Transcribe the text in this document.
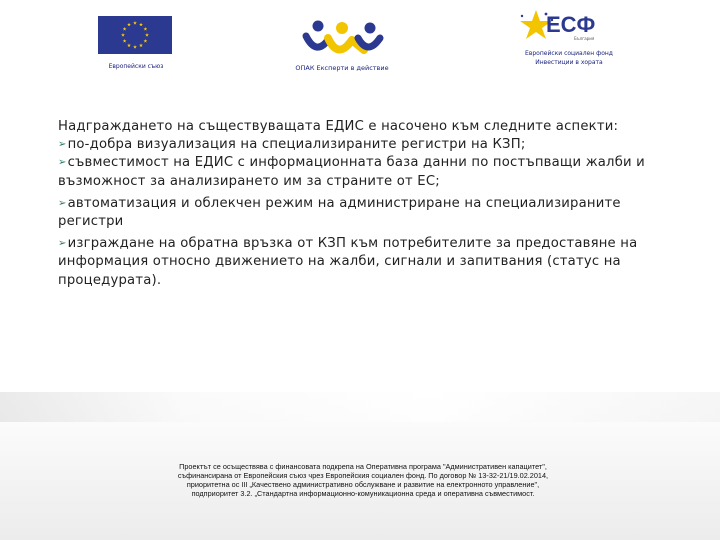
Европейски съюз	ОПАК Експерти в действие
ЕСФ
България
Европейски социален фонд
Инвестиции в хората

Надграждането на съществуващата ЕДИС е насочено към следните аспекти:

➢по-добра визуализация на специализираните регистри на КЗП;
➢съвместимост на ЕДИС с информационната база данни по постъпващи жалби и възможност за анализирането им за страните от ЕС;
➢автоматизация и облекчен режим на администриране на специализираните регистри
➢изграждане на обратна връзка от КЗП към потребителите за предоставяне на информация относно движението на жалби, сигнали и запитвания (статус на процедурата).
Проектът се осъществява с финансовата подкрепа на Оперативна програма "Административен капацитет",
съфинансирана от Европейския съюз чрез Европейския социален фонд. По договор № 13-32-21/19.02.2014,
приоритетна ос III „Качествено административно обслужване и развитие на електронното управление",
подприоритет 3.2. „Стандартна информационно-комуникационна среда и оперативна съвместимост.
